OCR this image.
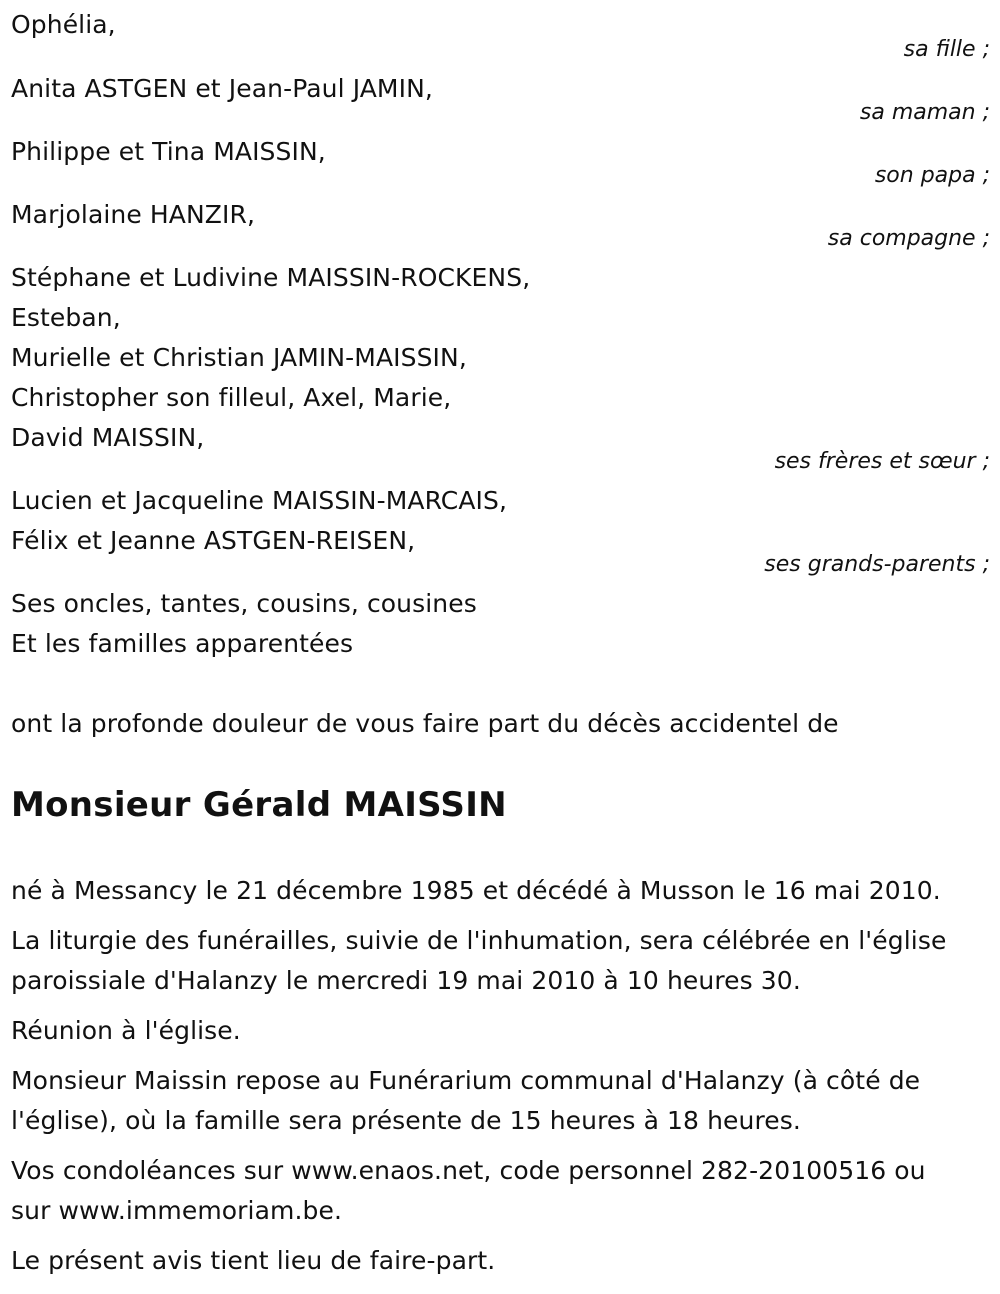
Ophélia,
sa fille ;
Anita ASTGEN et Jean-Paul JAMIN,
sa maman ;
Philippe et Tina MAISSIN,
son papa ;
Marjolaine HANZIR,
sa compagne ;
Stéphane et Ludivine MAISSIN-ROCKENS,
Esteban,
Murielle et Christian JAMIN-MAISSIN,
Christopher son filleul, Axel, Marie,
David MAISSIN,
ses frères et sœur ;
Lucien et Jacqueline MAISSIN-MARCAIS,
Félix et Jeanne ASTGEN-REISEN,
ses grands-parents ;
Ses oncles, tantes, cousins, cousines
Et les familles apparentées
ont la profonde douleur de vous faire part du décès accidentel de
Monsieur Gérald MAISSIN
né à Messancy le 21 décembre 1985 et décédé à Musson le 16 mai 2010.
La liturgie des funérailles, suivie de l'inhumation, sera célébrée en l'église
paroissiale d'Halanzy le mercredi 19 mai 2010 à 10 heures 30.
Réunion à l'église.
Monsieur Maissin repose au Funérarium communal d'Halanzy (à côté de
l'église), où la famille sera présente de 15 heures à 18 heures.
Vos condoléances sur www.enaos.net, code personnel 282-20100516 ou
sur www.immemoriam.be.
Le présent avis tient lieu de faire-part.
